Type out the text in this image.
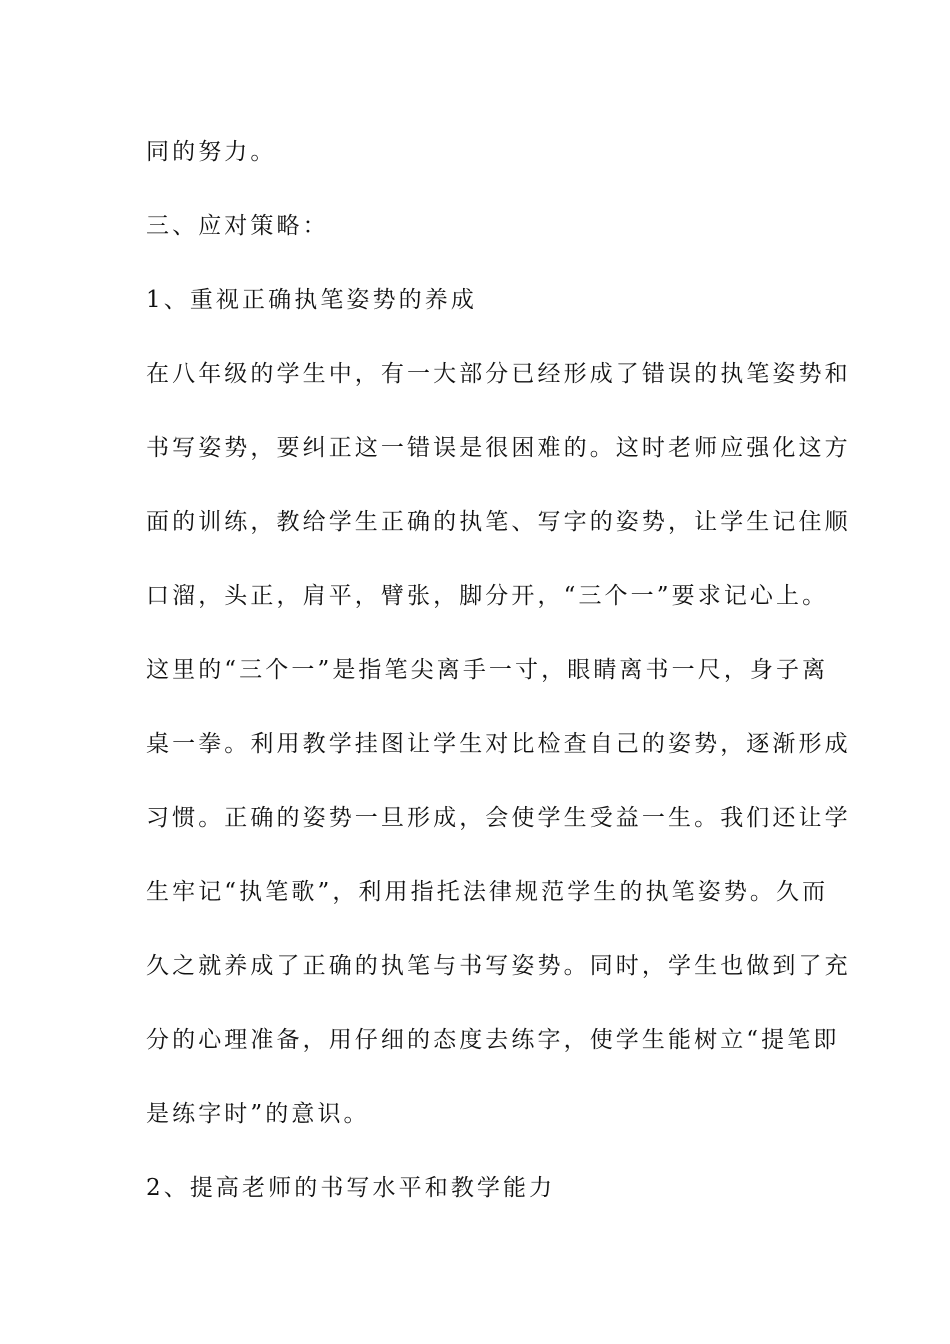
同的努力。
三、应对策略：
1、重视正确执笔姿势的养成
在八年级的学生中，有一大部分已经形成了错误的执笔姿势和
书写姿势，要纠正这一错误是很困难的。这时老师应强化这方
面的训练，教给学生正确的执笔、写字的姿势，让学生记住顺
口溜，头正，肩平，臂张，脚分开，“三个一”要求记心上。
这里的“三个一”是指笔尖离手一寸，眼睛离书一尺，身子离
桌一拳。利用教学挂图让学生对比检查自己的姿势，逐渐形成
习惯。正确的姿势一旦形成，会使学生受益一生。我们还让学
生牢记“执笔歌”，利用指托法律规范学生的执笔姿势。久而
久之就养成了正确的执笔与书写姿势。同时，学生也做到了充
分的心理准备，用仔细的态度去练字，使学生能树立“提笔即
是练字时”的意识。
2、提高老师的书写水平和教学能力
